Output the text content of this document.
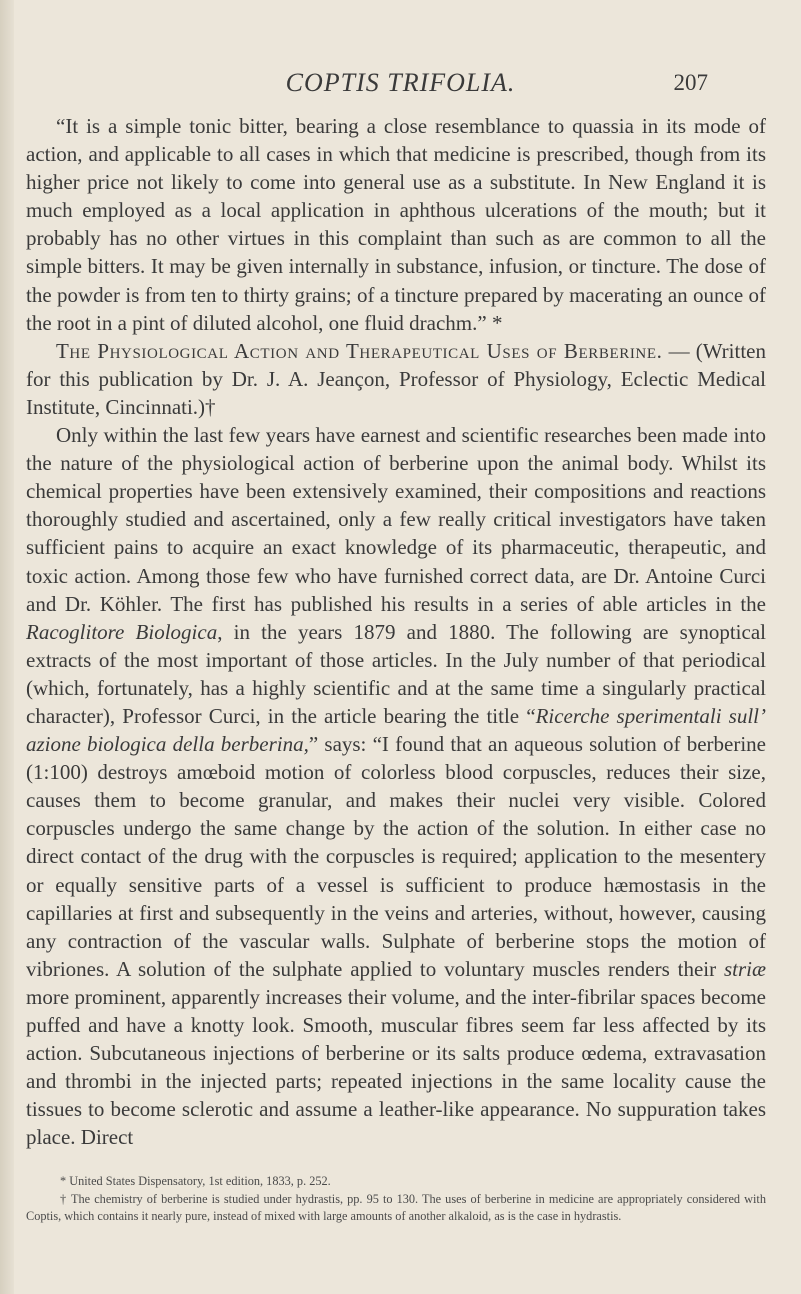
COPTIS TRIFOLIA.	207

“It is a simple tonic bitter, bearing a close resemblance to quassia in its mode of action, and applicable to all cases in which that medicine is prescribed, though from its higher price not likely to come into general use as a substitute. In New England it is much employed as a local application in aphthous ulcerations of the mouth; but it probably has no other virtues in this complaint than such as are common to all the simple bitters. It may be given internally in substance, infusion, or tincture. The dose of the powder is from ten to thirty grains; of a tincture prepared by macerating an ounce of the root in a pint of diluted alcohol, one fluid drachm.” *

The Physiological Action and Therapeutical Uses of Berberine. — (Written for this publication by Dr. J. A. Jeançon, Professor of Physiology, Eclectic Medical Institute, Cincinnati.)†

Only within the last few years have earnest and scientific researches been made into the nature of the physiological action of berberine upon the animal body. Whilst its chemical properties have been extensively examined, their compositions and reactions thoroughly studied and ascertained, only a few really critical investigators have taken sufficient pains to acquire an exact knowledge of its pharmaceutic, therapeutic, and toxic action. Among those few who have furnished correct data, are Dr. Antoine Curci and Dr. Köhler. The first has published his results in a series of able articles in the Racoglitore Biologica, in the years 1879 and 1880. The following are synoptical extracts of the most important of those articles. In the July number of that periodical (which, fortunately, has a highly scientific and at the same time a singularly practical character), Professor Curci, in the article bearing the title “Ricerche sperimentali sull’ azione biologica della berberina,” says: “I found that an aqueous solution of berberine (1:100) destroys amœboid motion of colorless blood corpuscles, reduces their size, causes them to become granular, and makes their nuclei very visible. Colored corpuscles undergo the same change by the action of the solution. In either case no direct contact of the drug with the corpuscles is required; application to the mesentery or equally sensitive parts of a vessel is sufficient to produce hæmostasis in the capillaries at first and subsequently in the veins and arteries, without, however, causing any contraction of the vascular walls. Sulphate of berberine stops the motion of vibriones. A solution of the sulphate applied to voluntary muscles renders their striæ more prominent, apparently increases their volume, and the inter-fibrilar spaces become puffed and have a knotty look. Smooth, muscular fibres seem far less affected by its action. Subcutaneous injections of berberine or its salts produce œdema, extravasation and thrombi in the injected parts; repeated injections in the same locality cause the tissues to become sclerotic and assume a leather-like appearance. No suppuration takes place. Direct

* United States Dispensatory, 1st edition, 1833, p. 252.

† The chemistry of berberine is studied under hydrastis, pp. 95 to 130. The uses of berberine in medicine are appropriately considered with Coptis, which contains it nearly pure, instead of mixed with large amounts of another alkaloid, as is the case in hydrastis.
